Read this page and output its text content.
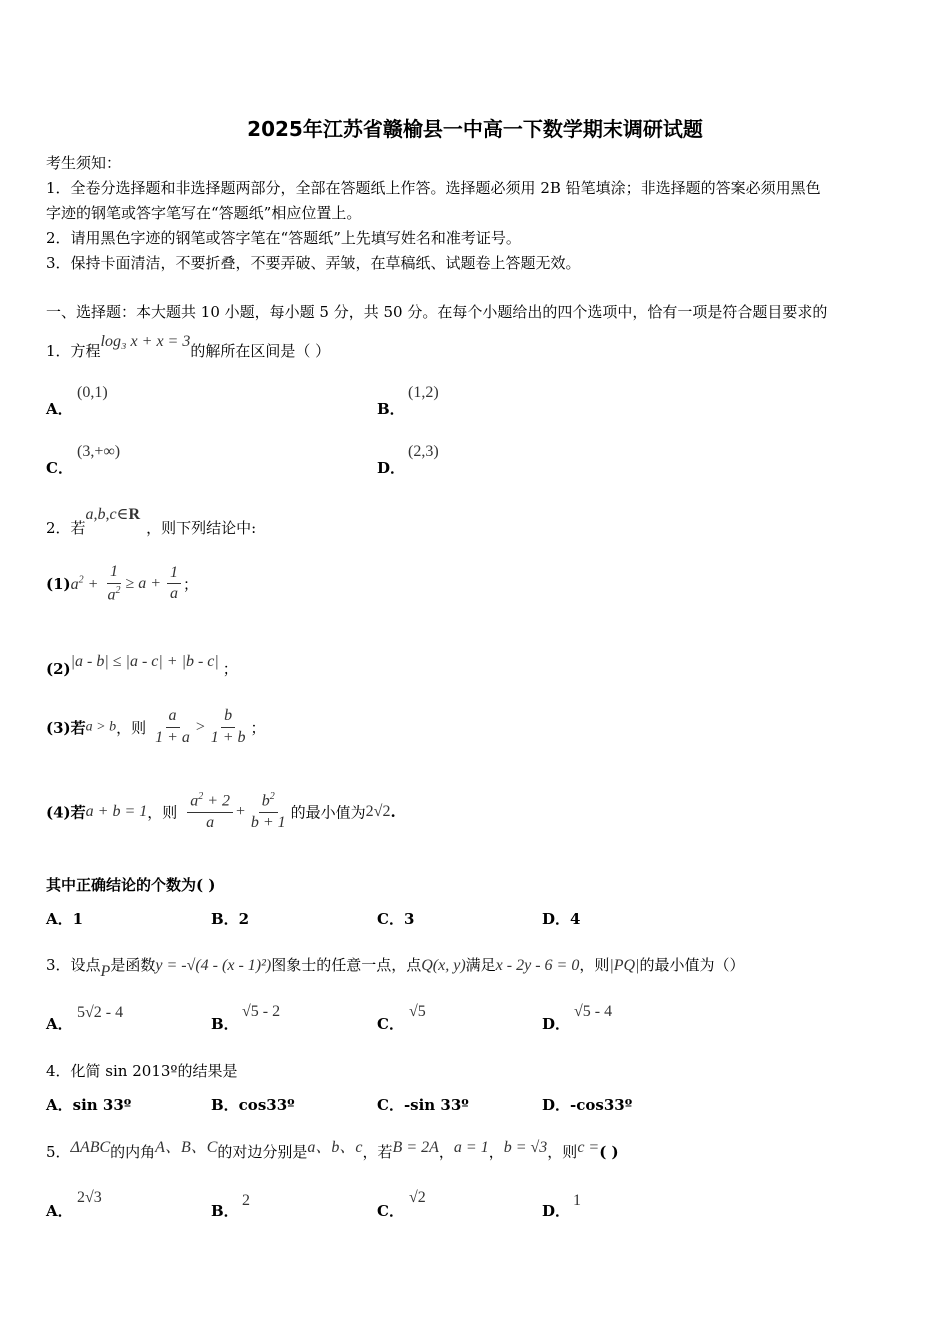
2025年江苏省赣榆县一中高一下数学期末调研试题
考生须知：
1．全卷分选择题和非选择题两部分，全部在答题纸上作答。选择题必须用 2B 铅笔填涂；非选择题的答案必须用黑色
字迹的钢笔或答字笔写在“答题纸”相应位置上。
2．请用黑色字迹的钢笔或答字笔在“答题纸”上先填写姓名和准考证号。
3．保持卡面清洁，不要折叠，不要弄破、弄皱，在草稿纸、试题卷上答题无效。
一、选择题：本大题共 10 小题，每小题 5 分，共 50 分。在每个小题给出的四个选项中，恰有一项是符合题目要求的
1．方程log₃ x + x = 3的解所在区间是（ ）
A．
(0,1)
B．
(1,2)
C．
(3,+∞)
D．
(2,3)
2．若a,b,c∈R，则下列结论中:
$(1)a^2 + \frac{1}{a^2} \ge a + \frac{1}{a}$ ；
(2)|a - b| ≤ |a - c| + |b - c| ；
(3)若a > b，则 $\frac{a}{1 + a} > \frac{b}{1 + b}$ ；
(4)若a + b = 1，则 $\frac{a^2 + 2}{a} + \frac{b^2}{b + 1}$ 的最小值为2√2.
其中正确结论的个数为( )
A．1	B．2	C．3	D．4
3．设点P是函数y = -√(4 - (x - 1)²)图象士的任意一点，点Q(x, y)满足x - 2y - 6 = 0，则|PQ|的最小值为（）
A．
5√2 - 4
B．
√5 - 2
C．
√5
D．
√5 - 4
4．化简 sin 2013º的结果是
A．sin 33º	B．cos33º	C．-sin 33º	D．-cos33º
5．ΔABC的内角A、B、C的对边分别是a、b、c，若B = 2A，a = 1，b = √3，则c =( )
A．
2√3
B．
2
C．
√2
D．
1
